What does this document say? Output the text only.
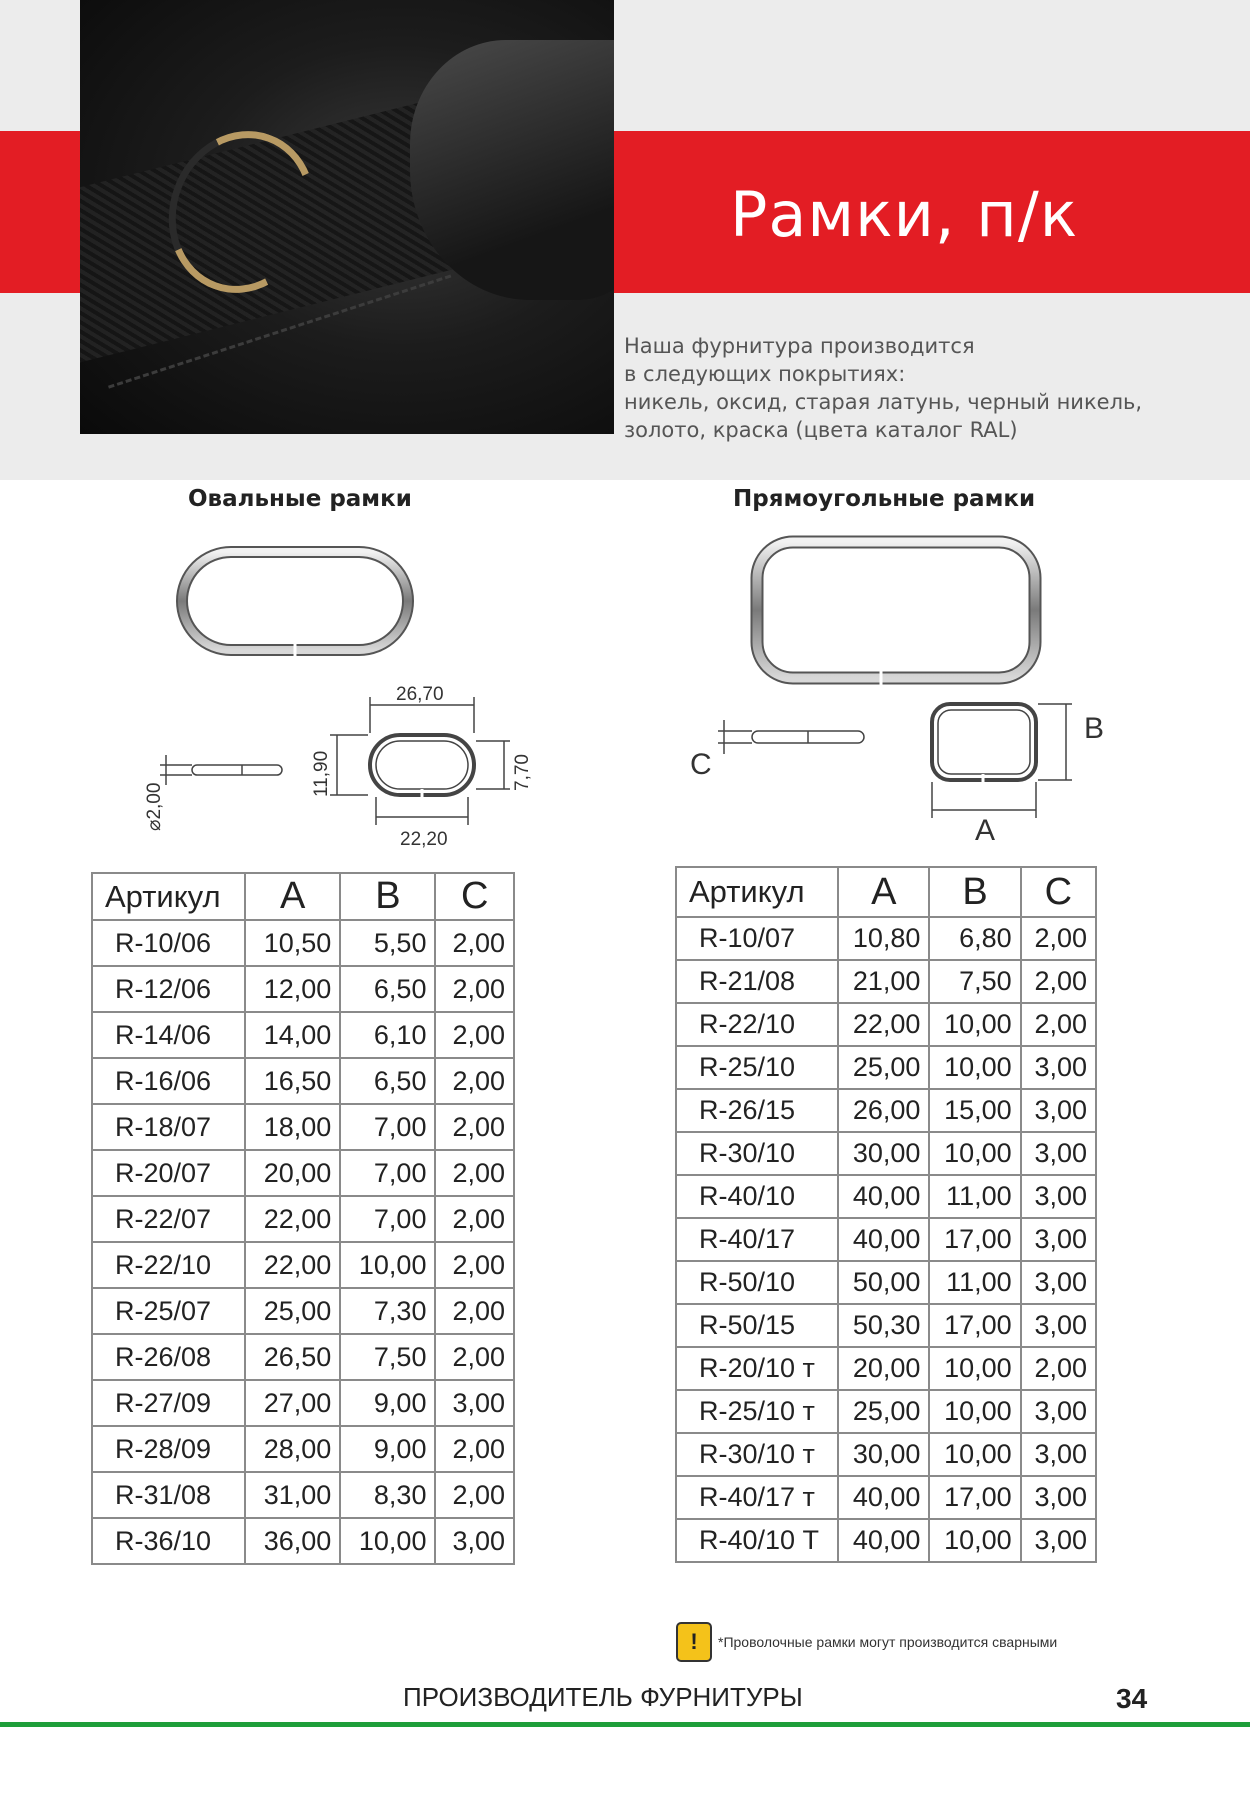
Рамки, п/к
Наша фурнитура производится
в следующих покрытиях:
никель, оксид, старая латунь, черный никель,
золото, краска (цвета каталог RAL)
Овальные рамки	Прямоугольные рамки
26,70
22,20
11,90	7,70
⌀2,00
B
A
C
Артикул	A	B	C
R-10/06	10,50	5,50	2,00
R-12/06	12,00	6,50	2,00
R-14/06	14,00	6,10	2,00
R-16/06	16,50	6,50	2,00
R-18/07	18,00	7,00	2,00
R-20/07	20,00	7,00	2,00
R-22/07	22,00	7,00	2,00
R-22/10	22,00	10,00	2,00
R-25/07	25,00	7,30	2,00
R-26/08	26,50	7,50	2,00
R-27/09	27,00	9,00	3,00
R-28/09	28,00	9,00	2,00
R-31/08	31,00	8,30	2,00
R-36/10	36,00	10,00	3,00
Артикул	A	B	C
R-10/07	10,80	6,80	2,00
R-21/08	21,00	7,50	2,00
R-22/10	22,00	10,00	2,00
R-25/10	25,00	10,00	3,00
R-26/15	26,00	15,00	3,00
R-30/10	30,00	10,00	3,00
R-40/10	40,00	11,00	3,00
R-40/17	40,00	17,00	3,00
R-50/10	50,00	11,00	3,00
R-50/15	50,30	17,00	3,00
R-20/10 т	20,00	10,00	2,00
R-25/10 т	25,00	10,00	3,00
R-30/10 т	30,00	10,00	3,00
R-40/17 т	40,00	17,00	3,00
R-40/10 Т	40,00	10,00	3,00
!	*Проволочные рамки могут производится сварными
ПРОИЗВОДИТЕЛЬ ФУРНИТУРЫ	34
